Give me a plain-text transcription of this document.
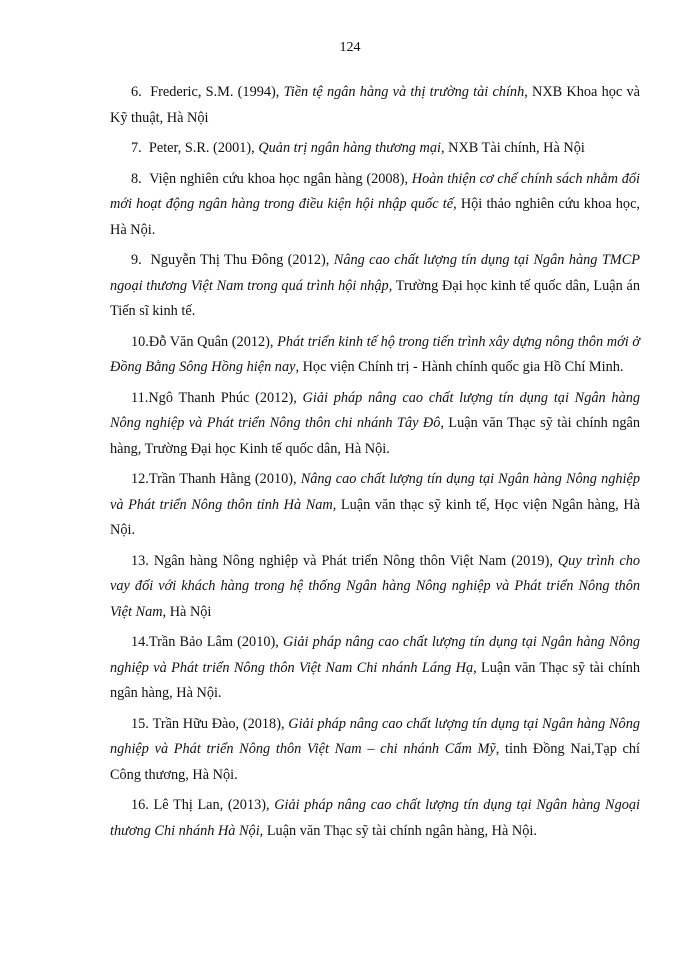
124
6. Frederic, S.M. (1994), Tiền tệ ngân hàng và thị trường tài chính, NXB Khoa học và Kỹ thuật, Hà Nội
7. Peter, S.R. (2001), Quản trị ngân hàng thương mại, NXB Tài chính, Hà Nội
8. Viện nghiên cứu khoa học ngân hàng (2008), Hoàn thiện cơ chế chính sách nhằm đổi mới hoạt động ngân hàng trong điều kiện hội nhập quốc tế, Hội thảo nghiên cứu khoa học, Hà Nội.
9. Nguyễn Thị Thu Đông (2012), Nâng cao chất lượng tín dụng tại Ngân hàng TMCP ngoại thương Việt Nam trong quá trình hội nhập, Trường Đại học kinh tế quốc dân, Luận án Tiến sĩ kinh tế.
10.Đỗ Văn Quân (2012), Phát triển kinh tế hộ trong tiến trình xây dựng nông thôn mới ở Đồng Bằng Sông Hồng hiện nay, Học viện Chính trị - Hành chính quốc gia Hồ Chí Minh.
11.Ngô Thanh Phúc (2012), Giải pháp nâng cao chất lượng tín dụng tại Ngân hàng Nông nghiệp và Phát triển Nông thôn chi nhánh Tây Đô, Luận văn Thạc sỹ tài chính ngân hàng, Trường Đại học Kinh tế quốc dân, Hà Nội.
12.Trần Thanh Hằng (2010), Nâng cao chất lượng tín dụng tại Ngân hàng Nông nghiệp và Phát triển Nông thôn tỉnh Hà Nam, Luận văn thạc sỹ kinh tế, Học viện Ngân hàng, Hà Nội.
13. Ngân hàng Nông nghiệp và Phát triển Nông thôn Việt Nam (2019), Quy trình cho vay đối với khách hàng trong hệ thống Ngân hàng Nông nghiệp và Phát triển Nông thôn Việt Nam, Hà Nội
14.Trần Bảo Lâm (2010), Giải pháp nâng cao chất lượng tín dụng tại Ngân hàng Nông nghiệp và Phát triển Nông thôn Việt Nam Chi nhánh Láng Hạ, Luận văn Thạc sỹ tài chính ngân hàng, Hà Nội.
15. Trần Hữu Đào, (2018), Giải pháp nâng cao chất lượng tín dụng tại Ngân hàng Nông nghiệp và Phát triển Nông thôn Việt Nam – chi nhánh Cẩm Mỹ, tỉnh Đồng Nai,Tạp chí Công thương, Hà Nội.
16. Lê Thị Lan, (2013), Giải pháp nâng cao chất lượng tín dụng tại Ngân hàng Ngoại thương Chi nhánh Hà Nội, Luận văn Thạc sỹ tài chính ngân hàng, Hà Nội.
